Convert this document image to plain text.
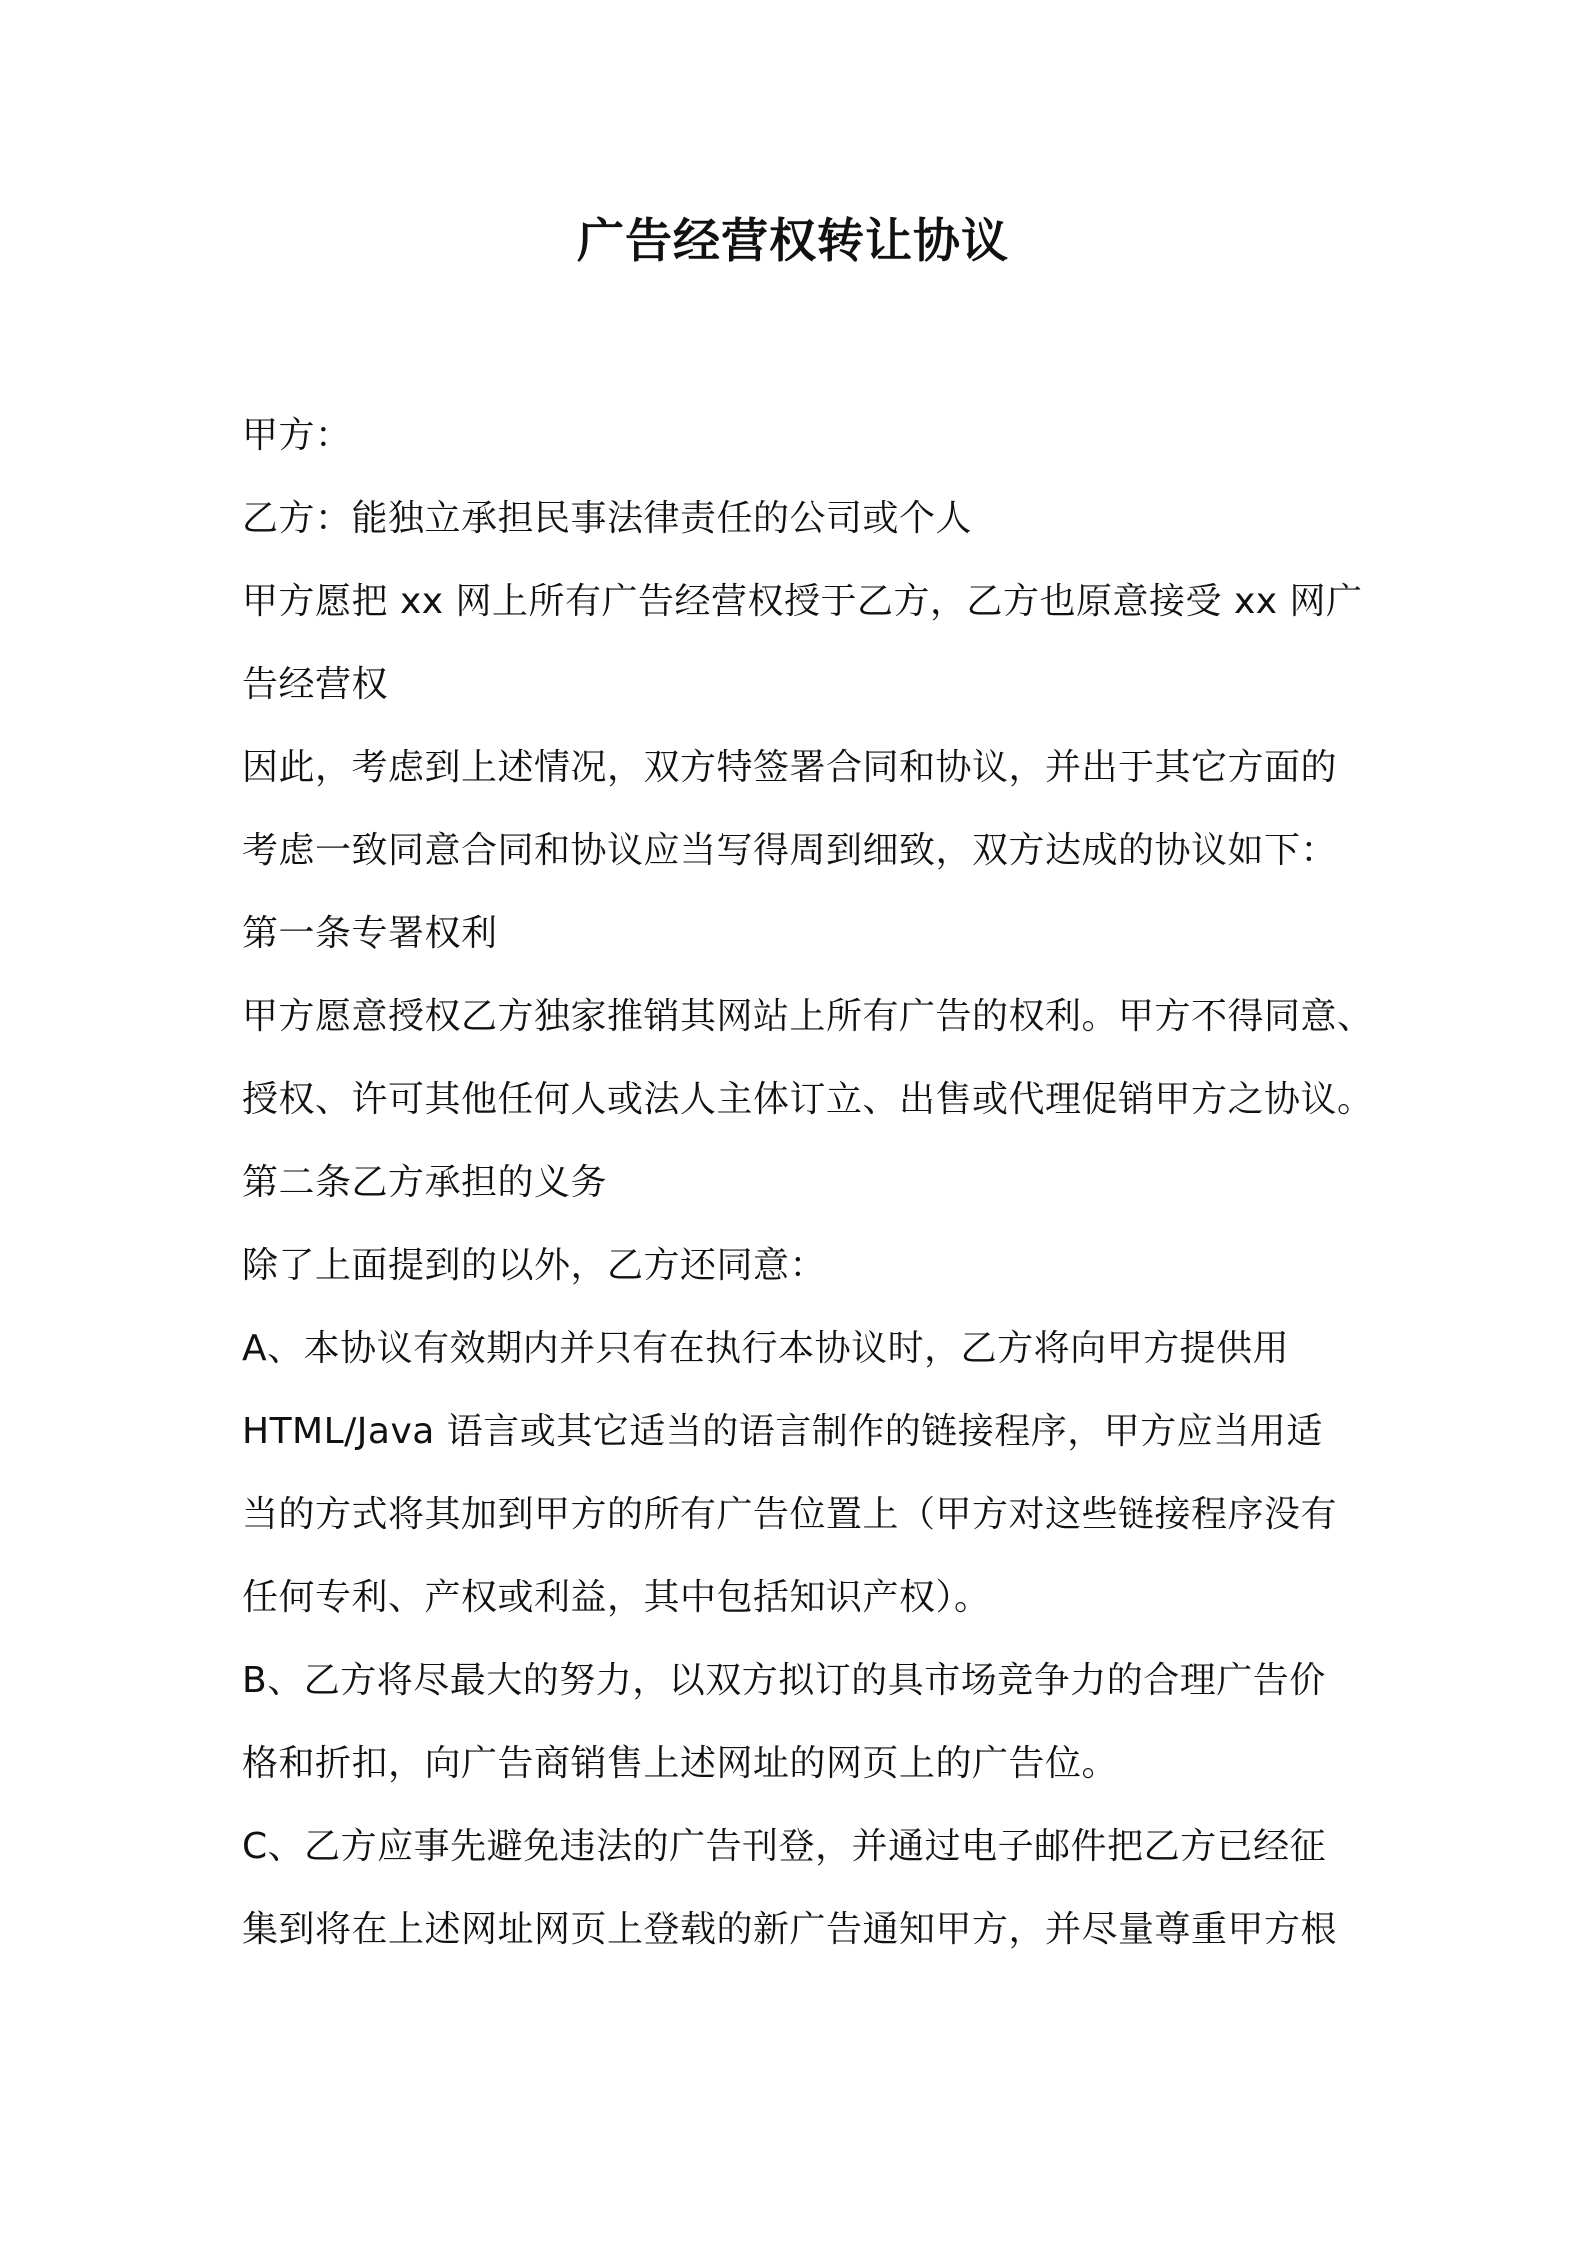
广告经营权转让协议
甲方：
乙方：能独立承担民事法律责任的公司或个人
甲方愿把 xx 网上所有广告经营权授于乙方，乙方也原意接受 xx 网广
告经营权
因此，考虑到上述情况，双方特签署合同和协议，并出于其它方面的
考虑一致同意合同和协议应当写得周到细致，双方达成的协议如下：
第一条专署权利
甲方愿意授权乙方独家推销其网站上所有广告的权利。甲方不得同意、
授权、许可其他任何人或法人主体订立、出售或代理促销甲方之协议。
第二条乙方承担的义务
除了上面提到的以外，乙方还同意：
A、本协议有效期内并只有在执行本协议时，乙方将向甲方提供用
HTML/Java 语言或其它适当的语言制作的链接程序，甲方应当用适
当的方式将其加到甲方的所有广告位置上（甲方对这些链接程序没有
任何专利、产权或利益，其中包括知识产权）。
B、乙方将尽最大的努力，以双方拟订的具市场竞争力的合理广告价
格和折扣，向广告商销售上述网址的网页上的广告位。
C、乙方应事先避免违法的广告刊登，并通过电子邮件把乙方已经征
集到将在上述网址网页上登载的新广告通知甲方，并尽量尊重甲方根
